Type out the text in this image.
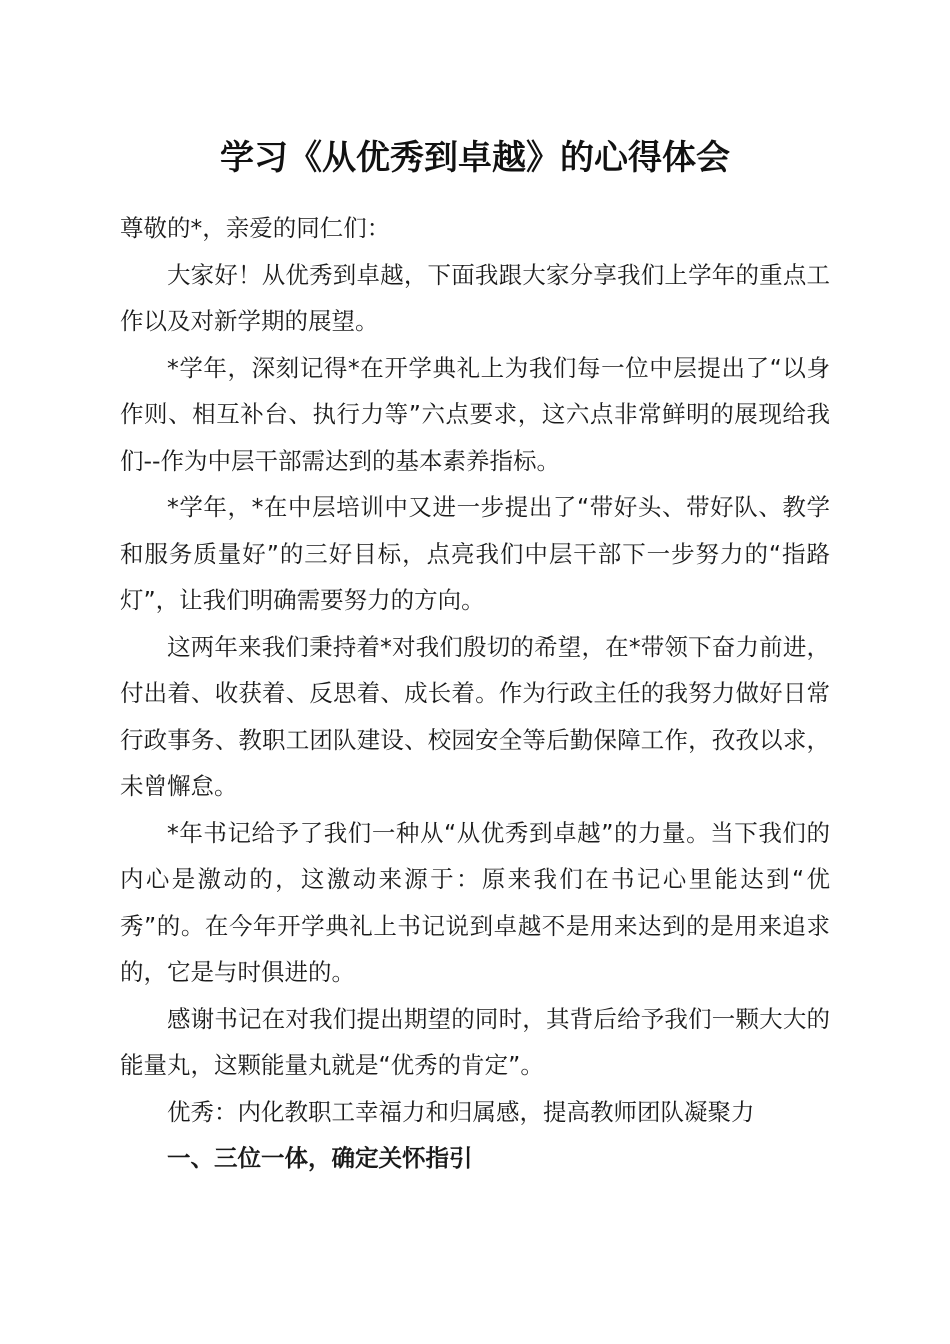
学习《从优秀到卓越》的心得体会

尊敬的*，亲爱的同仁们：

大家好！从优秀到卓越，下面我跟大家分享我们上学年的重点工作以及对新学期的展望。

*学年，深刻记得*在开学典礼上为我们每一位中层提出了“以身作则、相互补台、执行力等”六点要求，这六点非常鲜明的展现给我们--作为中层干部需达到的基本素养指标。

*学年，*在中层培训中又进一步提出了“带好头、带好队、教学和服务质量好”的三好目标，点亮我们中层干部下一步努力的“指路灯”，让我们明确需要努力的方向。

这两年来我们秉持着*对我们殷切的希望，在*带领下奋力前进，付出着、收获着、反思着、成长着。作为行政主任的我努力做好日常行政事务、教职工团队建设、校园安全等后勤保障工作，孜孜以求，未曾懈怠。

*年书记给予了我们一种从“从优秀到卓越”的力量。当下我们的内心是激动的，这激动来源于：原来我们在书记心里能达到“优秀”的。在今年开学典礼上书记说到卓越不是用来达到的是用来追求的，它是与时俱进的。

感谢书记在对我们提出期望的同时，其背后给予我们一颗大大的能量丸，这颗能量丸就是“优秀的肯定”。

优秀：内化教职工幸福力和归属感，提高教师团队凝聚力

一、三位一体，确定关怀指引
